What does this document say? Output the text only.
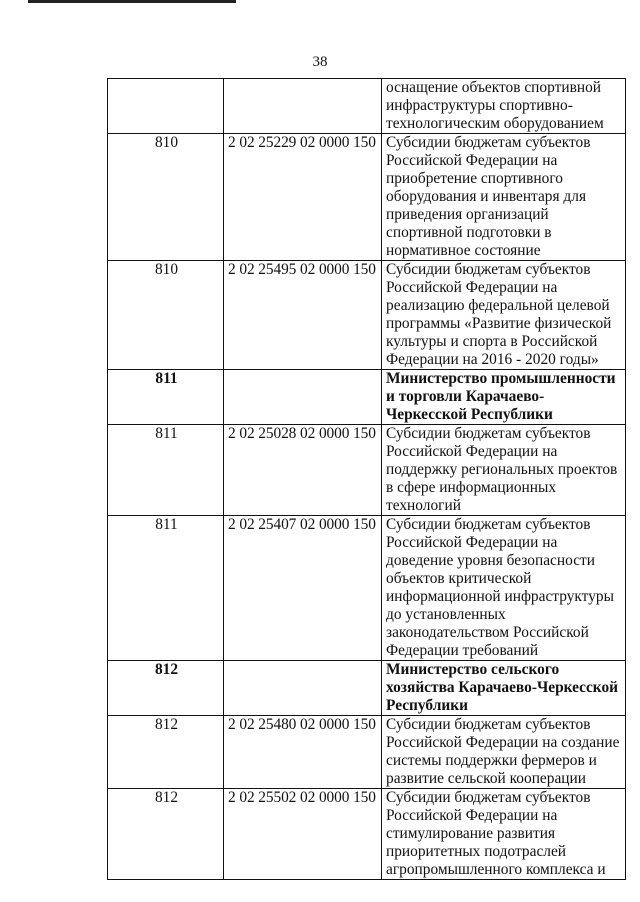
38
		оснащение объектов спортивной инфраструктуры спортивно-технологическим оборудованием
810	2 02 25229 02 0000 150	Субсидии бюджетам субъектов Российской Федерации на приобретение спортивного оборудования и инвентаря для приведения организаций спортивной подготовки в нормативное состояние
810	2 02 25495 02 0000 150	Субсидии бюджетам субъектов Российской Федерации на реализацию федеральной целевой программы «Развитие физической культуры и спорта в Российской Федерации на 2016 - 2020 годы»
811		Министерство промышленности и торговли Карачаево-Черкесской Республики
811	2 02 25028 02 0000 150	Субсидии бюджетам субъектов Российской Федерации на поддержку региональных проектов в сфере информационных технологий
811	2 02 25407 02 0000 150	Субсидии бюджетам субъектов Российской Федерации на доведение уровня безопасности объектов критической информационной инфраструктуры до установленных законодательством Российской Федерации требований
812		Министерство сельского хозяйства Карачаево-Черкесской Республики
812	2 02 25480 02 0000 150	Субсидии бюджетам субъектов Российской Федерации на создание системы поддержки фермеров и развитие сельской кооперации
812	2 02 25502 02 0000 150	Субсидии бюджетам субъектов Российской Федерации на стимулирование развития приоритетных подотраслей агропромышленного комплекса и
